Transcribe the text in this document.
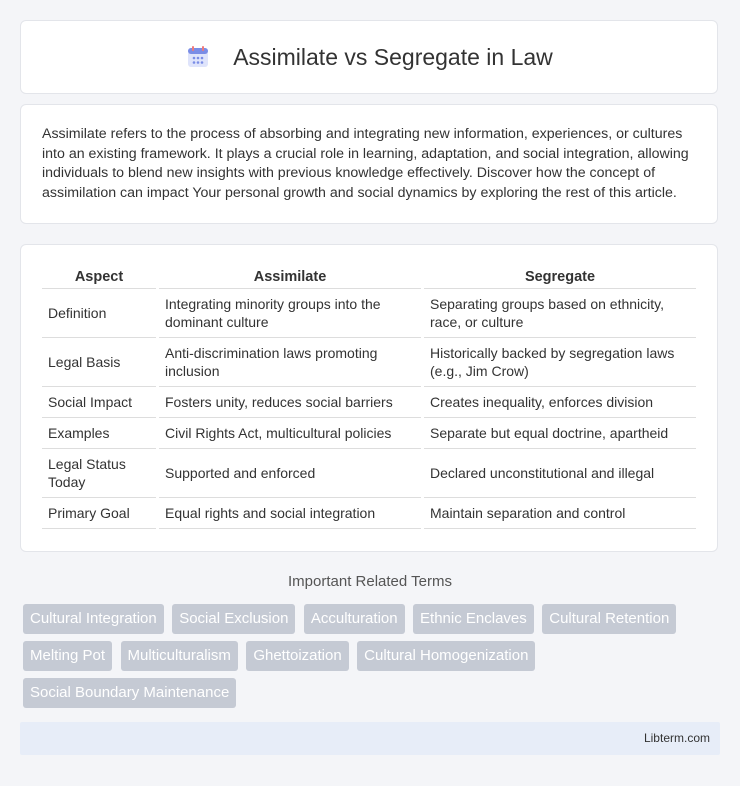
Assimilate vs Segregate in Law

Assimilate refers to the process of absorbing and integrating new information, experiences, or cultures into an existing framework. It plays a crucial role in learning, adaptation, and social integration, allowing individuals to blend new insights with previous knowledge effectively. Discover how the concept of assimilation can impact Your personal growth and social dynamics by exploring the rest of this article.

Aspect	Assimilate	Segregate
Definition	Integrating minority groups into the dominant culture	Separating groups based on ethnicity, race, or culture
Legal Basis	Anti-discrimination laws promoting inclusion	Historically backed by segregation laws (e.g., Jim Crow)
Social Impact	Fosters unity, reduces social barriers	Creates inequality, enforces division
Examples	Civil Rights Act, multicultural policies	Separate but equal doctrine, apartheid
Legal Status Today	Supported and enforced	Declared unconstitutional and illegal
Primary Goal	Equal rights and social integration	Maintain separation and control
Important Related Terms
Cultural Integration Social Exclusion Acculturation Ethnic Enclaves Cultural Retention Melting Pot Multiculturalism Ghettoization Cultural Homogenization Social Boundary Maintenance
Libterm.com
